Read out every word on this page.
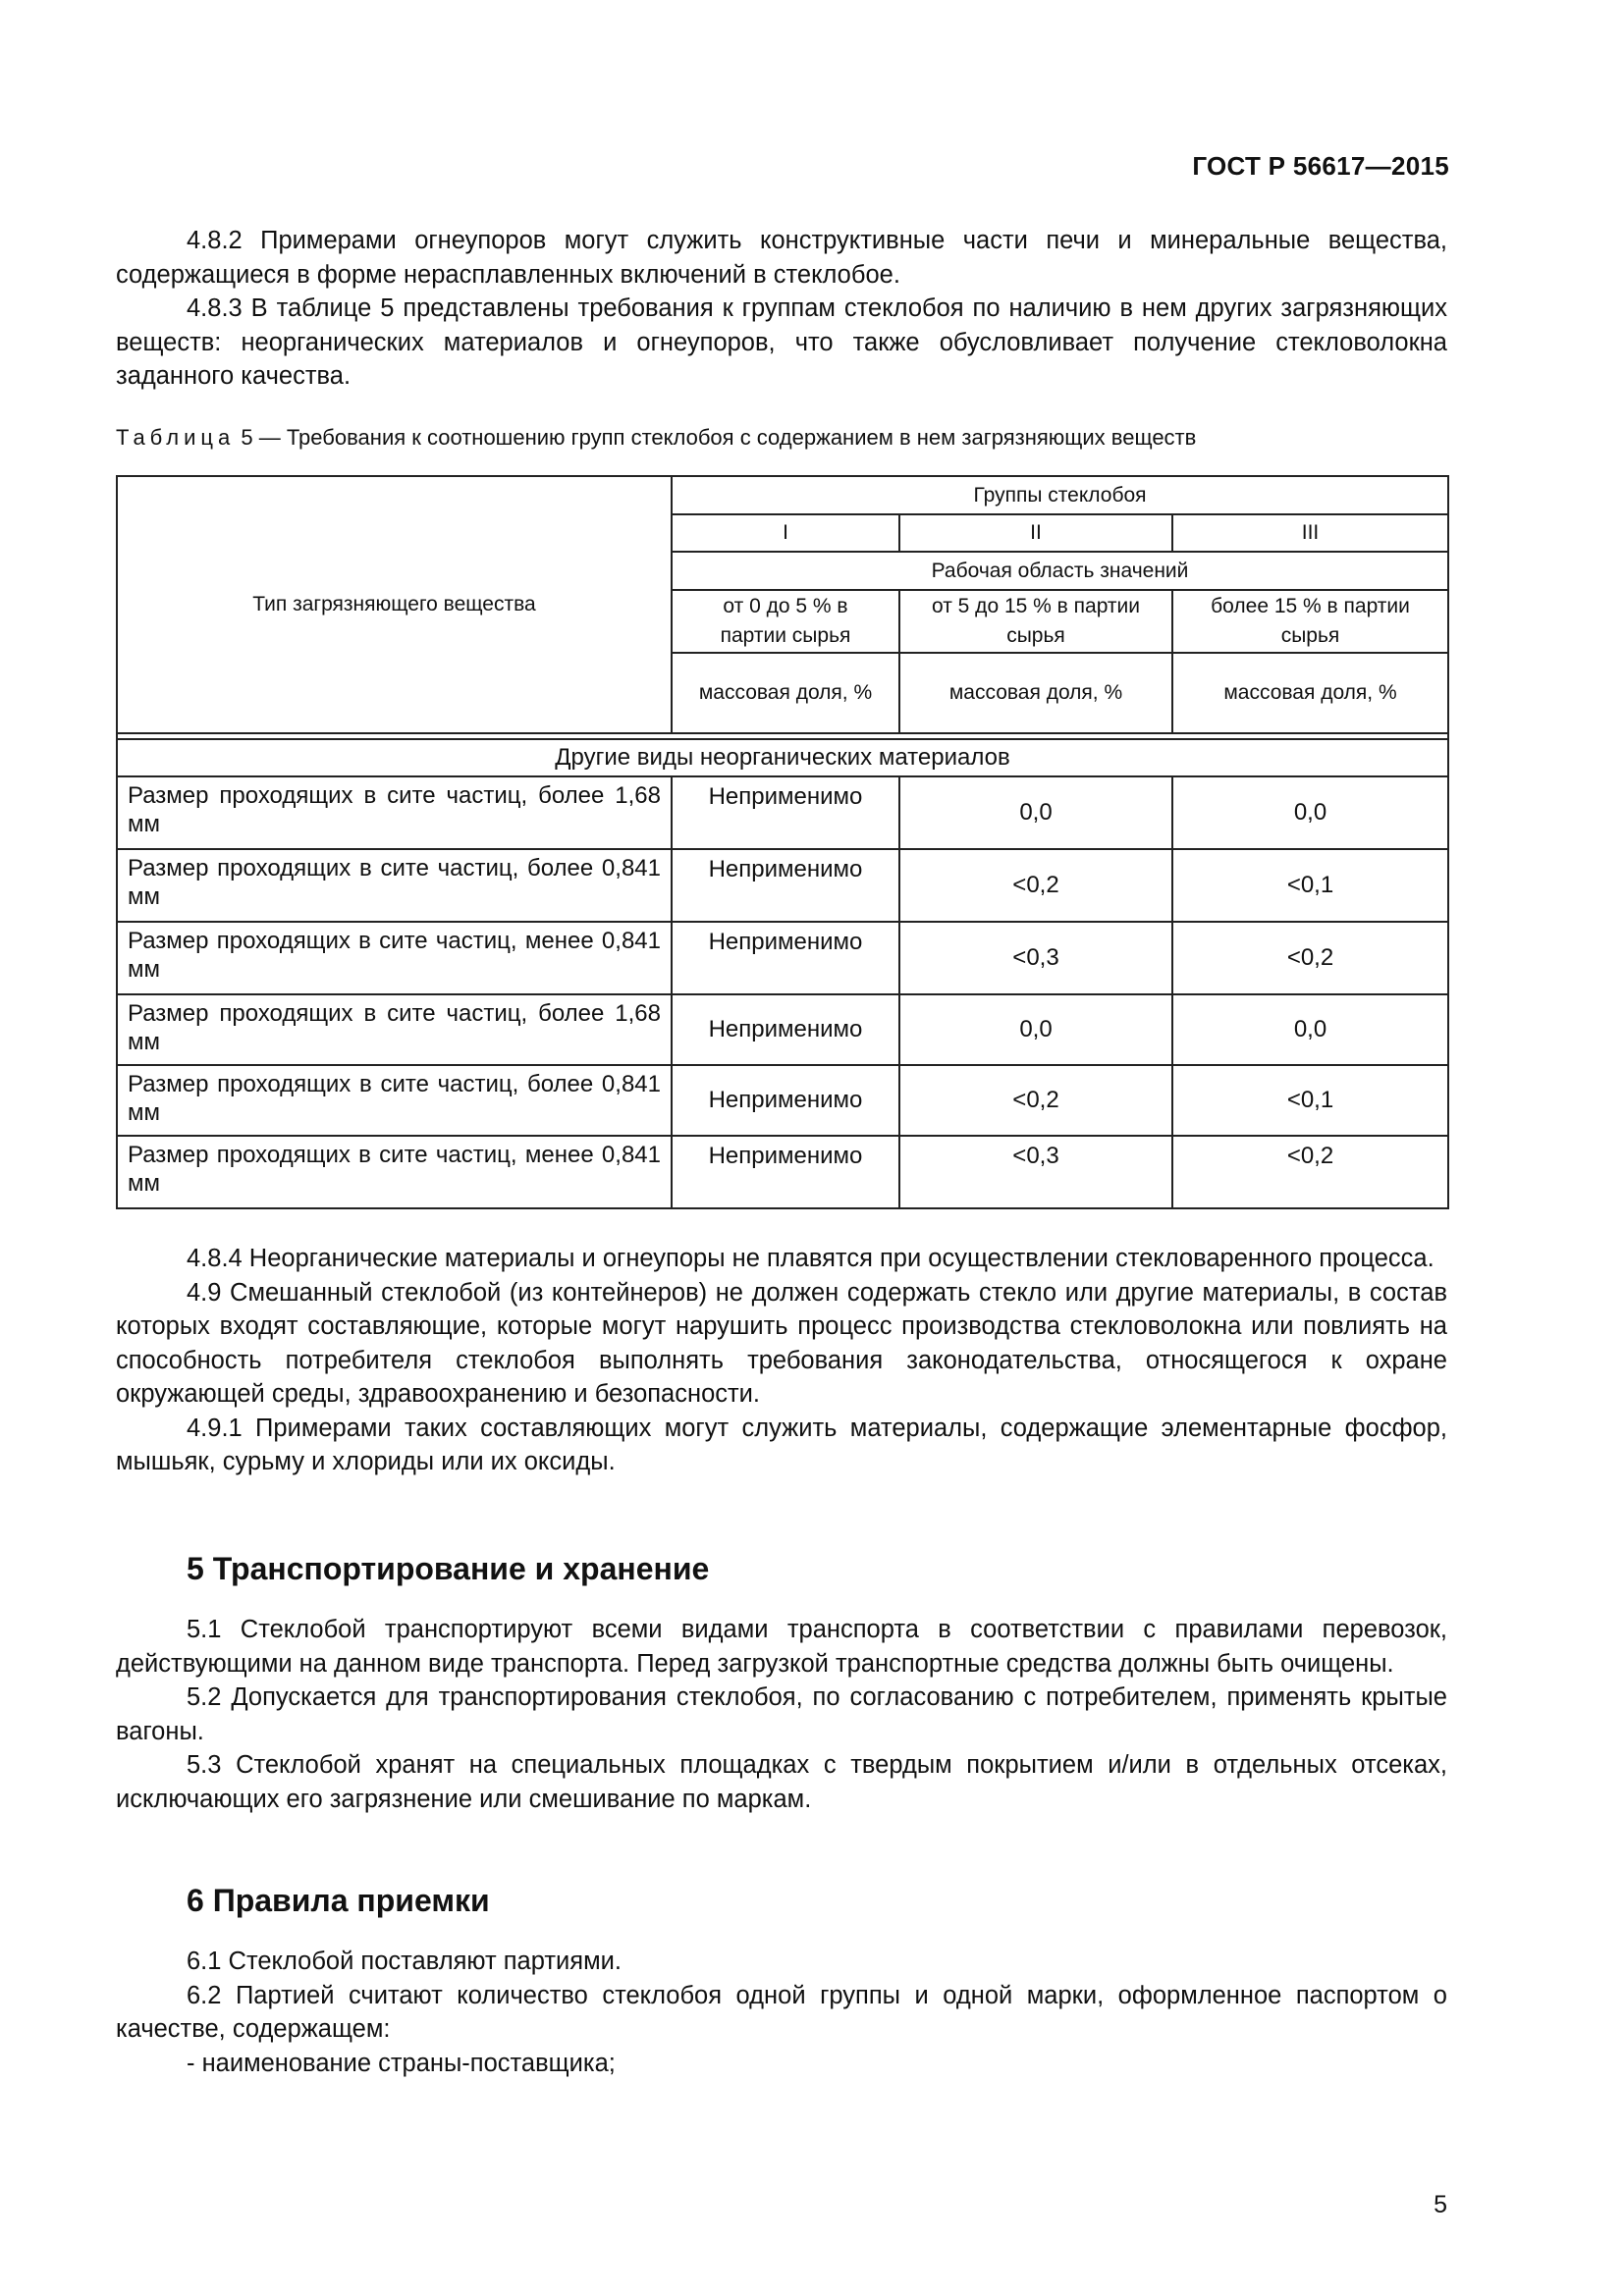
ГОСТ Р 56617—2015

4.8.2 Примерами огнеупоров могут служить конструктивные части печи и минеральные вещества, содержащиеся в форме нерасплавленных включений в стеклобое.

4.8.3 В таблице 5 представлены требования к группам стеклобоя по наличию в нем других загрязняющих веществ: неорганических материалов и огнеупоров, что также обусловливает получение стекловолокна заданного качества.

Таблица 5 — Требования к соотношению групп стеклобоя с содержанием в нем загрязняющих веществ
Тип загрязняющего вещества	Группы стеклобоя		
	I	II	III
	Рабочая область значений		
	от 0 до 5 % в партии сырья	от 5 до 15 % в партии сырья	более 15 % в партии сырья
	массовая доля, %	массовая доля, %	массовая доля, %

Другие виды неорганических материалов			
Размер проходящих в сите частиц, более 1,68 мм	Неприменимо	0,0	0,0
Размер проходящих в сите частиц, более 0,841 мм	Неприменимо	<0,2	<0,1
Размер проходящих в сите частиц, менее 0,841 мм	Неприменимо	<0,3	<0,2
Размер проходящих в сите частиц, более 1,68 мм	Неприменимо	0,0	0,0
Размер проходящих в сите частиц, более 0,841 мм	Неприменимо	<0,2	<0,1
Размер проходящих в сите частиц, менее 0,841 мм	Неприменимо	<0,3	<0,2

4.8.4 Неорганические материалы и огнеупоры не плавятся при осуществлении стекловаренного процесса.

4.9 Смешанный стеклобой (из контейнеров) не должен содержать стекло или другие материалы, в состав которых входят составляющие, которые могут нарушить процесс производства стекловолокна или повлиять на способность потребителя стеклобоя выполнять требования законодательства, относящегося к охране окружающей среды, здравоохранению и безопасности.

4.9.1 Примерами таких составляющих могут служить материалы, содержащие элементарные фосфор, мышьяк, сурьму и хлориды или их оксиды.

5 Транспортирование и хранение

5.1 Стеклобой транспортируют всеми видами транспорта в соответствии с правилами перевозок, действующими на данном виде транспорта. Перед загрузкой транспортные средства должны быть очищены.

5.2 Допускается для транспортирования стеклобоя, по согласованию с потребителем, применять крытые вагоны.

5.3 Стеклобой хранят на специальных площадках с твердым покрытием и/или в отдельных отсеках, исключающих его загрязнение или смешивание по маркам.

6 Правила приемки

6.1 Стеклобой поставляют партиями.

6.2 Партией считают количество стеклобоя одной группы и одной марки, оформленное паспортом о качестве, содержащем:

- наименование страны-поставщика;

5
